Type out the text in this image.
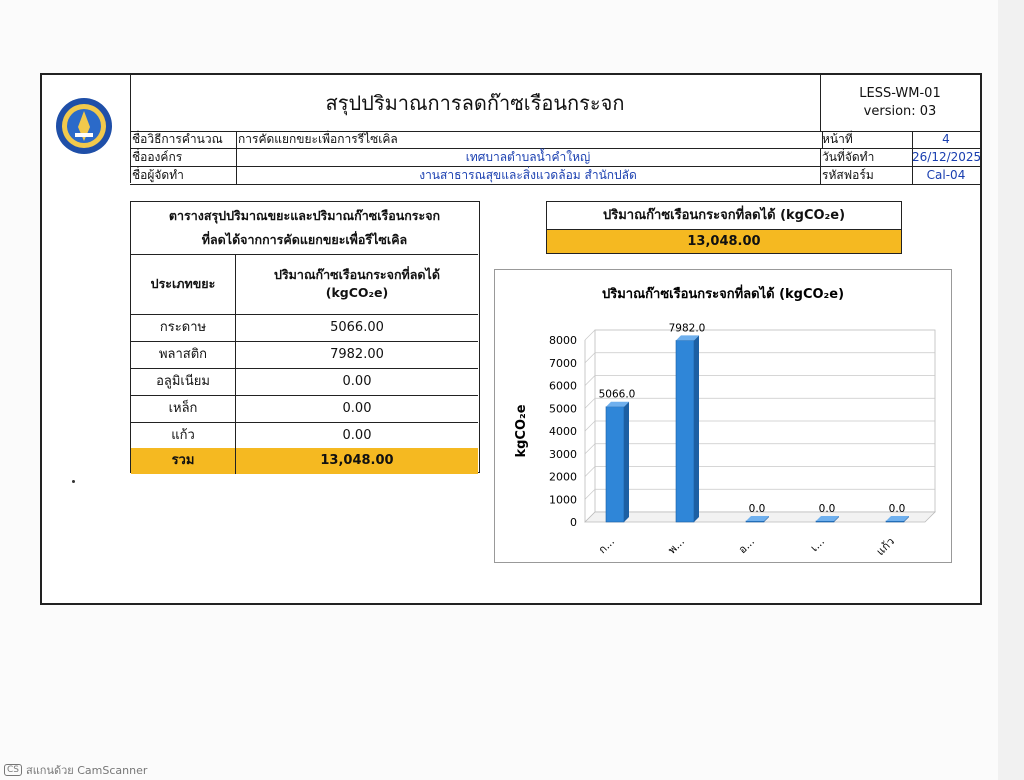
สรุปปริมาณการลดก๊าซเรือนกระจก	LESS-WM-01
version: 03
ชื่อวิธีการคำนวณ	การคัดแยกขยะเพื่อการรีไซเคิล	หน้าที่	4
ชื่อองค์กร	เทศบาลตำบลน้ำคำใหญ่	วันที่จัดทำ	26/12/2025
ชื่อผู้จัดทำ	งานสาธารณสุขและสิ่งแวดล้อม สำนักปลัด	รหัสฟอร์ม	Cal-04
ตารางสรุปปริมาณขยะและปริมาณก๊าซเรือนกระจก
ที่ลดได้จากการคัดแยกขยะเพื่อรีไซเคิล
ประเภทขยะ
ปริมาณก๊าซเรือนกระจกที่ลดได้
(kgCO₂e)
กระดาษ	5066.00
พลาสติก	7982.00
อลูมิเนียม	0.00
เหล็ก	0.00
แก้ว	0.00
รวม	13,048.00
ปริมาณก๊าซเรือนกระจกที่ลดได้ (kgCO₂e)
13,048.00
ปริมาณก๊าซเรือนกระจกที่ลดได้ (kgCO₂e)
kgCO₂e
0
1000
2000
3000
4000
5000
6000
7000
8000
5066.0
ก...
7982.0
พ...
0.0
อ...
0.0
เ...
0.0
แก้ว
CS สแกนด้วย CamScanner
